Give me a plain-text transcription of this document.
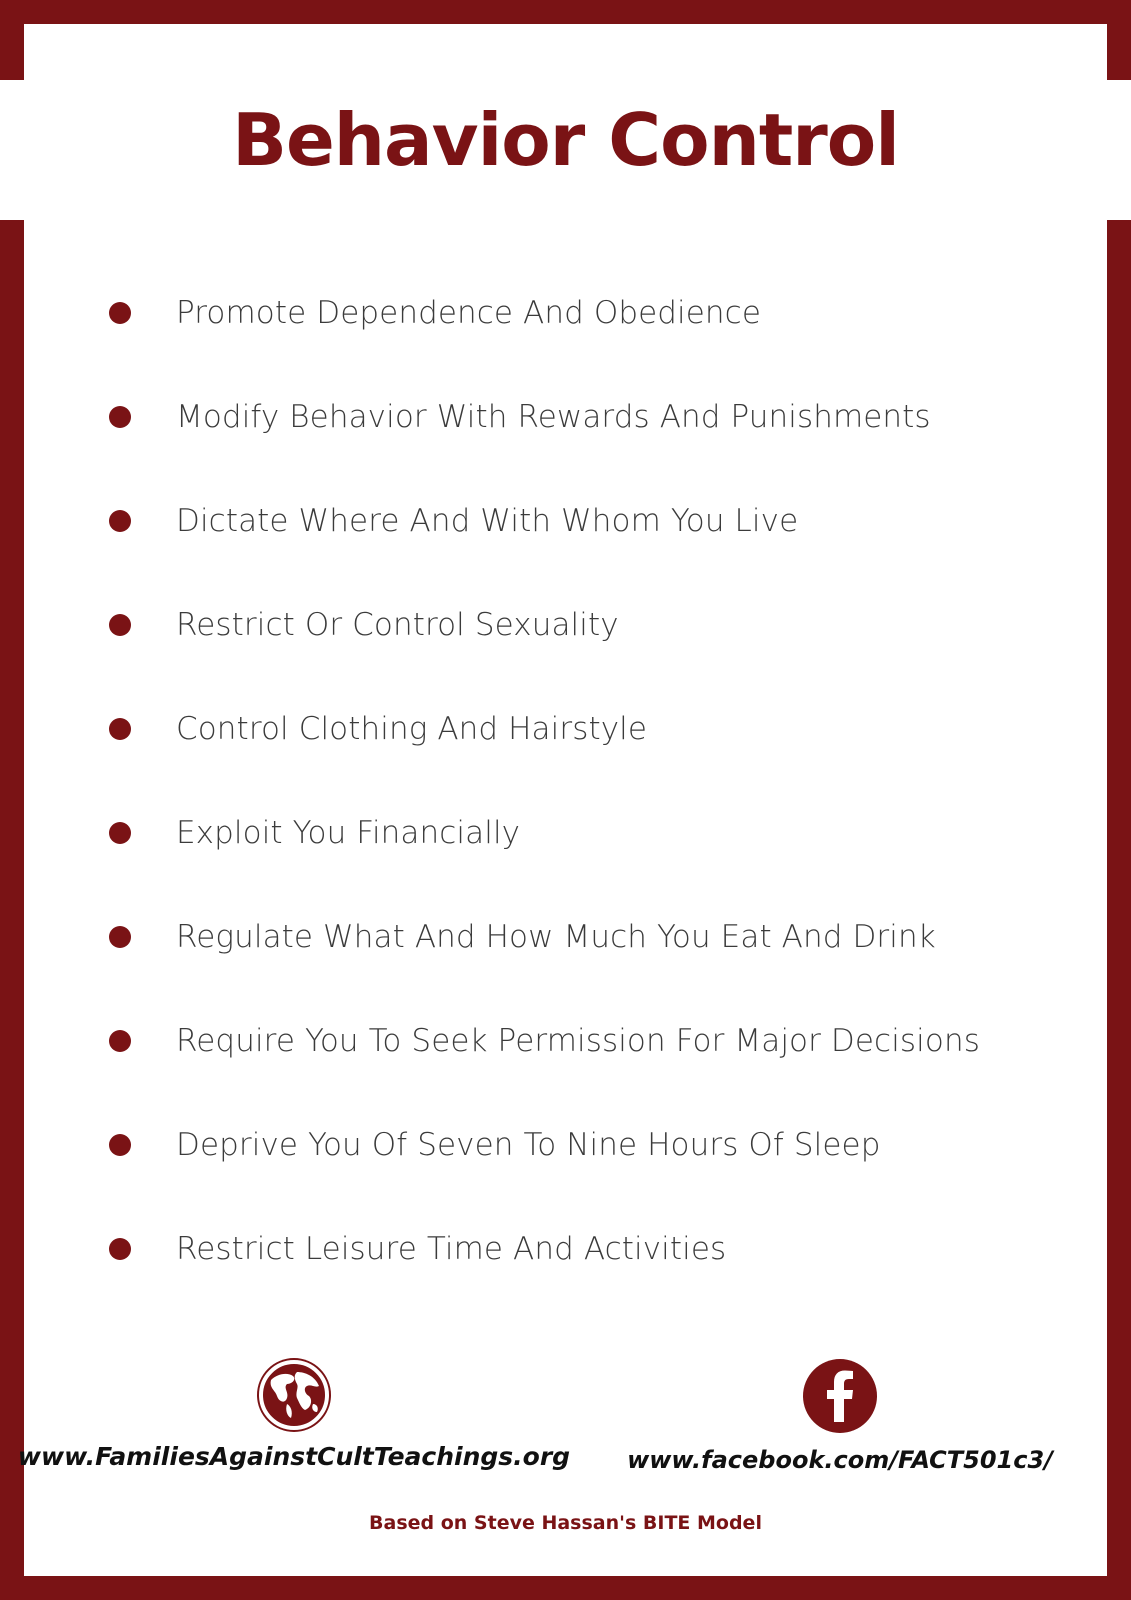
Behavior Control
Promote Dependence And Obedience
Modify Behavior With Rewards And Punishments
Dictate Where And With Whom You Live
Restrict Or Control Sexuality
Control Clothing And Hairstyle
Exploit You Financially
Regulate What And How Much You Eat And Drink
Require You To Seek Permission For Major Decisions
Deprive You Of Seven To Nine Hours Of Sleep
Restrict Leisure Time And Activities
www.FamiliesAgainstCultTeachings.org	www.facebook.com/FACT501c3/
Based on Steve Hassan's BITE Model
